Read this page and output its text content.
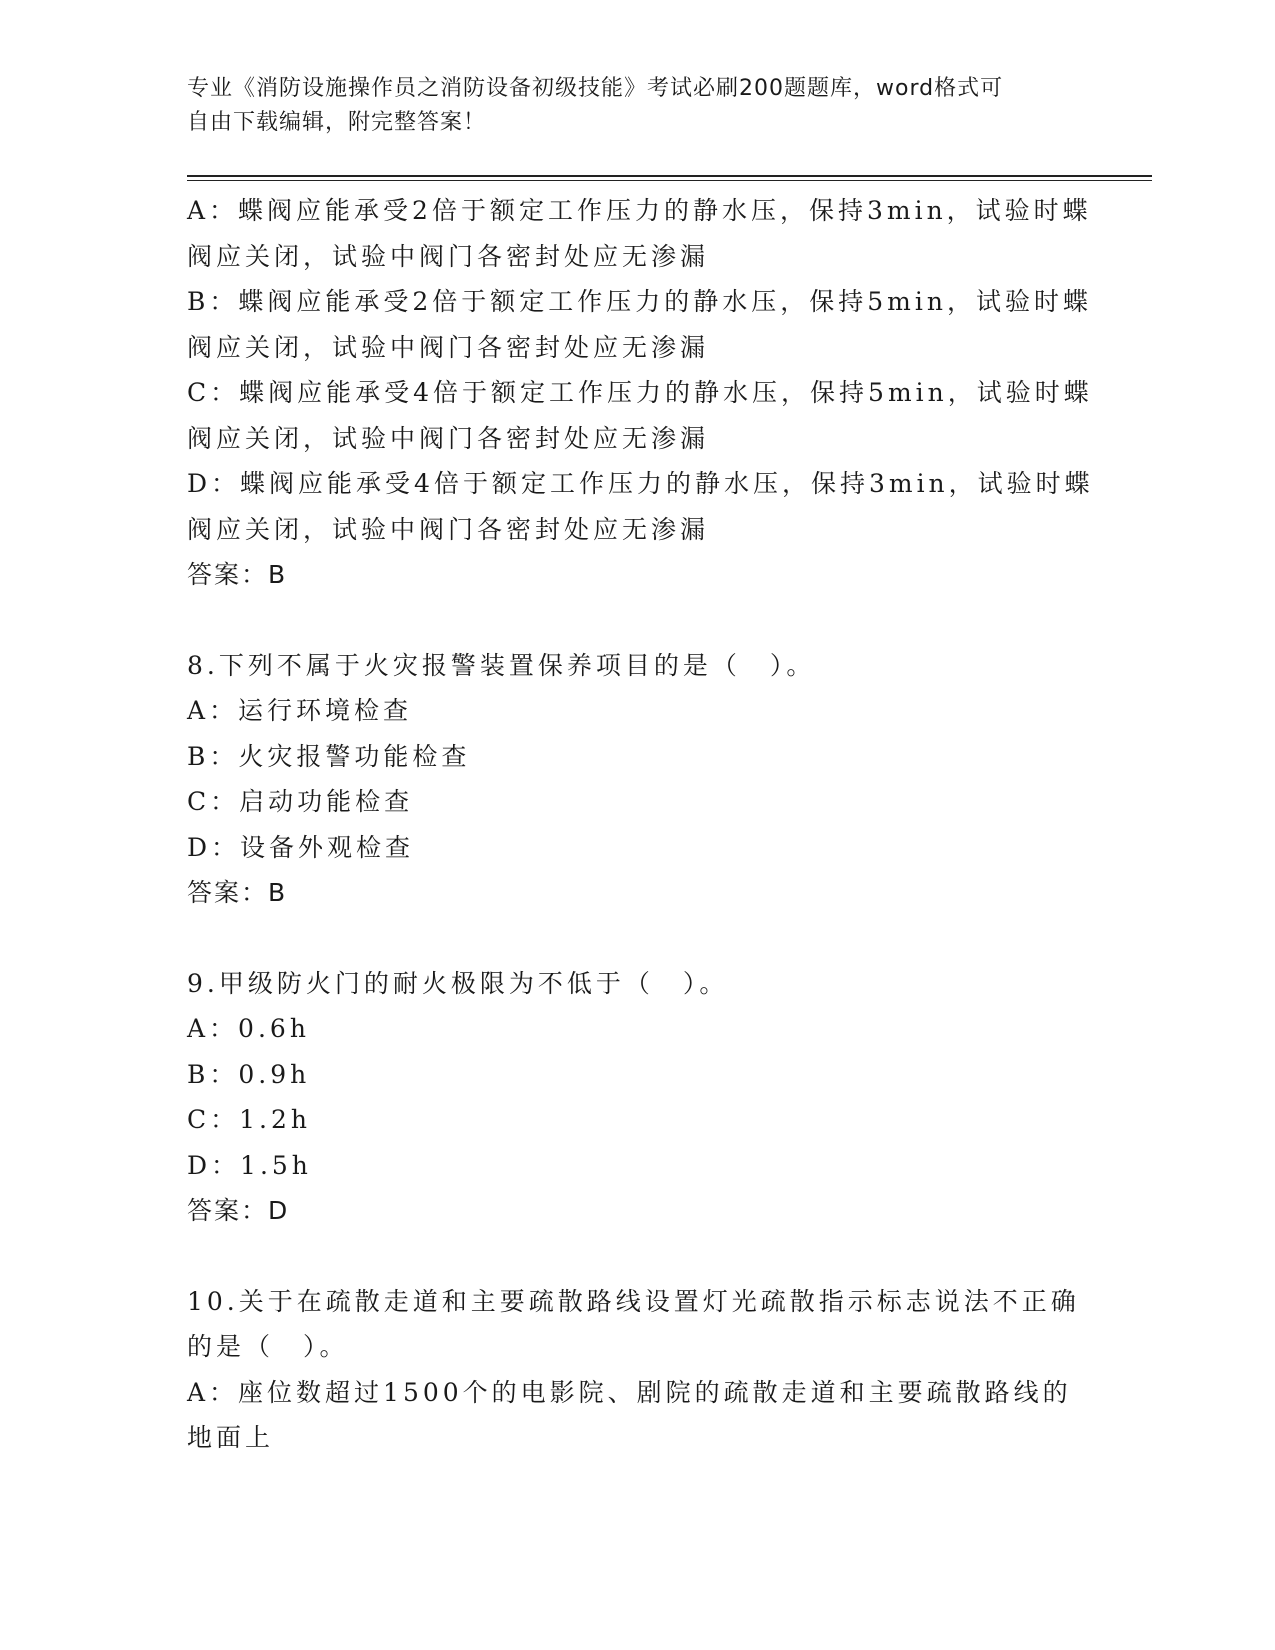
专业《消防设施操作员之消防设备初级技能》考试必刷200题题库，word格式可
自由下载编辑，附完整答案！
A：蝶阀应能承受2倍于额定工作压力的静水压，保持3min，试验时蝶
阀应关闭，试验中阀门各密封处应无渗漏
B：蝶阀应能承受2倍于额定工作压力的静水压，保持5min，试验时蝶
阀应关闭，试验中阀门各密封处应无渗漏
C：蝶阀应能承受4倍于额定工作压力的静水压，保持5min，试验时蝶
阀应关闭，试验中阀门各密封处应无渗漏
D：蝶阀应能承受4倍于额定工作压力的静水压，保持3min，试验时蝶
阀应关闭，试验中阀门各密封处应无渗漏
答案：B
8.下列不属于火灾报警装置保养项目的是（　）。
A：运行环境检查
B：火灾报警功能检查
C：启动功能检查
D：设备外观检查
答案：B
9.甲级防火门的耐火极限为不低于（　）。
A：0.6h
B：0.9h
C：1.2h
D：1.5h
答案：D
10.关于在疏散走道和主要疏散路线设置灯光疏散指示标志说法不正确
的是（　）。
A：座位数超过1500个的电影院、剧院的疏散走道和主要疏散路线的
地面上
